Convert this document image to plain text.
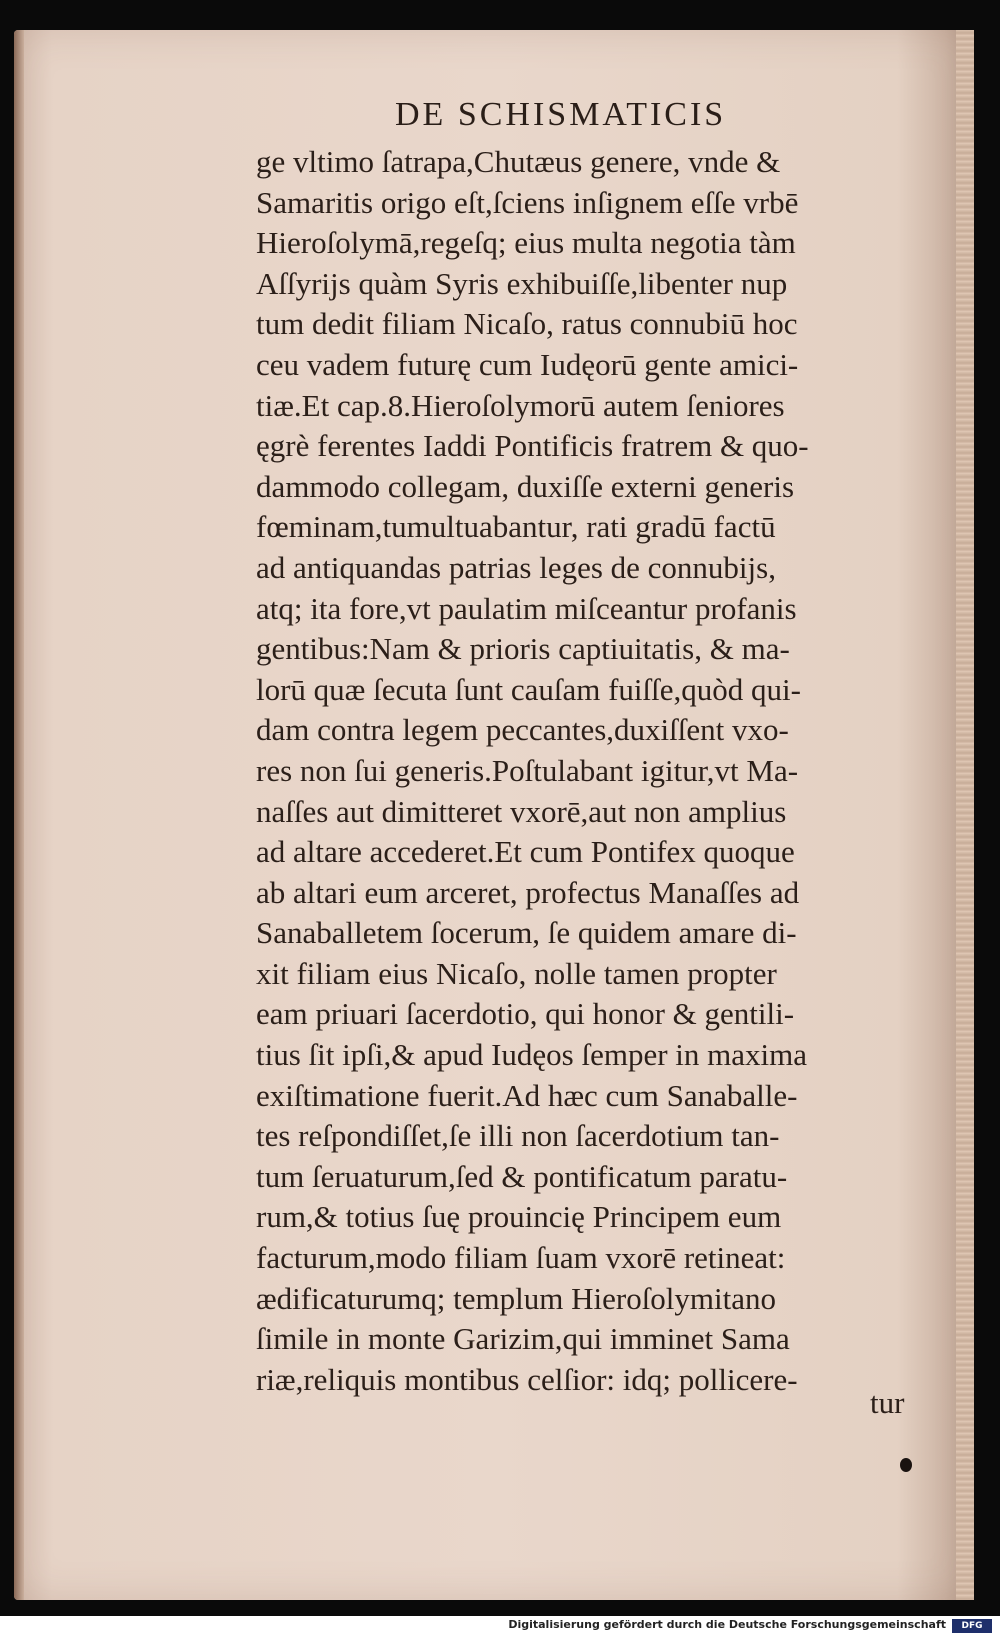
DE SCHISMATICIS
ge vltimo ſatrapa,Chutæus genere, vnde &
Samaritis origo eſt,ſciens inſignem eſſe vrbē
Hieroſolymā,regeſq; eius multa negotia tàm
Aſſyrijs quàm Syris exhibuiſſe,libenter nup
tum dedit filiam Nicaſo, ratus connubiū hoc
ceu vadem futurę cum Iudęorū gente amici-
tiæ.Et cap.8.Hieroſolymorū autem ſeniores
ęgrè ferentes Iaddi Pontificis fratrem & quo-
dammodo collegam, duxiſſe externi generis
fœminam,tumultuabantur, rati gradū factū
ad antiquandas patrias leges de connubijs,
atq; ita fore,vt paulatim miſceantur profanis
gentibus:Nam & prioris captiuitatis, & ma-
lorū quæ ſecuta ſunt cauſam fuiſſe,quòd qui-
dam contra legem peccantes,duxiſſent vxo-
res non ſui generis.Poſtulabant igitur,vt Ma-
naſſes aut dimitteret vxorē,aut non amplius
ad altare accederet.Et cum Pontifex quoque
ab altari eum arceret, profectus Manaſſes ad
Sanaballetem ſocerum, ſe quidem amare di-
xit filiam eius Nicaſo, nolle tamen propter
eam priuari ſacerdotio, qui honor & gentili-
tius ſit ipſi,& apud Iudęos ſemper in maxima
exiſtimatione fuerit.Ad hæc cum Sanaballe-
tes reſpondiſſet,ſe illi non ſacerdotium tan-
tum ſeruaturum,ſed & pontificatum paratu-
rum,& totius ſuę prouincię Principem eum
facturum,modo filiam ſuam vxorē retineat:
ædificaturumq; templum Hieroſolymitano
ſimile in monte Garizim,qui imminet Sama
riæ,reliquis montibus celſior: idq; pollicere-
tur
Digitalisierung gefördert durch die Deutsche Forschungsgemeinschaft	DFG
